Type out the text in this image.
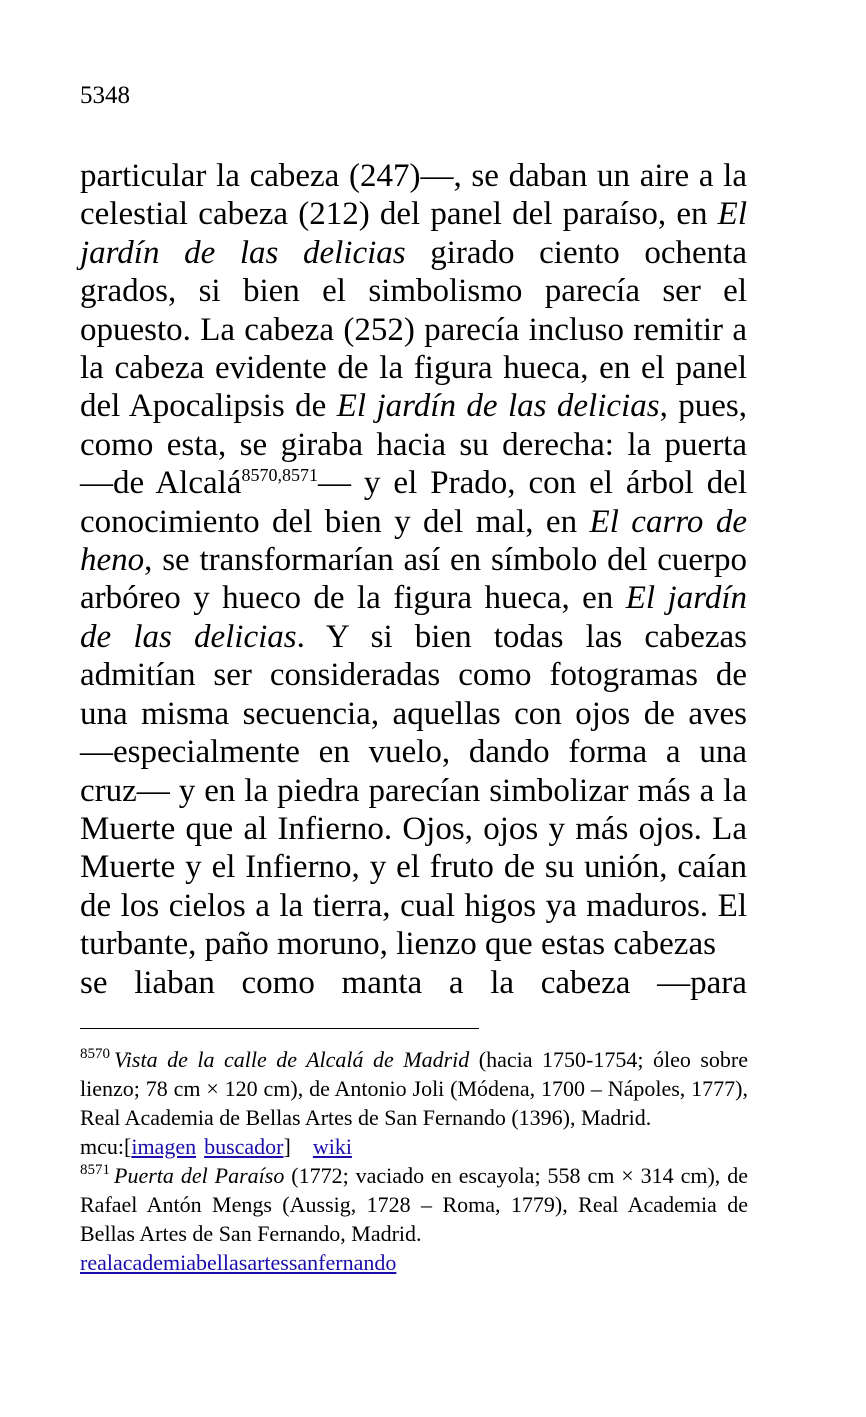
5348

particular la cabeza (247)—, se daban un aire a la celestial cabeza (212) del panel del paraíso, en El jardín de las delicias girado ciento ochenta grados, si bien el simbolismo parecía ser el opuesto. La cabeza (252) parecía incluso remitir a la cabeza evidente de la figura hueca, en el panel del Apocalipsis de El jardín de las delicias, pues, como esta, se giraba hacia su derecha: la puerta —de Alcalá$^{8570,8571}$— y el Prado, con el árbol del conocimiento del bien y del mal, en El carro de heno, se transformarían así en símbolo del cuerpo arbóreo y hueco de la figura hueca, en El jardín de las delicias. Y si bien todas las cabezas admitían ser consideradas como fotogramas de una misma secuencia, aquellas con ojos de aves —especialmente en vuelo, dando forma a una cruz— y en la piedra parecían simbolizar más a la Muerte que al Infierno. Ojos, ojos y más ojos. La Muerte y el Infierno, y el fruto de su unión, caían de los cielos a la tierra, cual higos ya maduros. El turbante, paño moruno, lienzo que estas cabezas
se liaban como manta a la cabeza —para

$^{8570}$ Vista de la calle de Alcalá de Madrid (hacia 1750-1754; óleo sobre lienzo; 78 cm × 120 cm), de Antonio Joli (Módena, 1700 – Nápoles, 1777), Real Academia de Bellas Artes de San Fernando (1396), Madrid.
mcu:[imagen buscador] wiki

$^{8571}$ Puerta del Paraíso (1772; vaciado en escayola; 558 cm × 314 cm), de Rafael Antón Mengs (Aussig, 1728 – Roma, 1779), Real Academia de Bellas Artes de San Fernando, Madrid.
realacademiabellasartessanfernando
